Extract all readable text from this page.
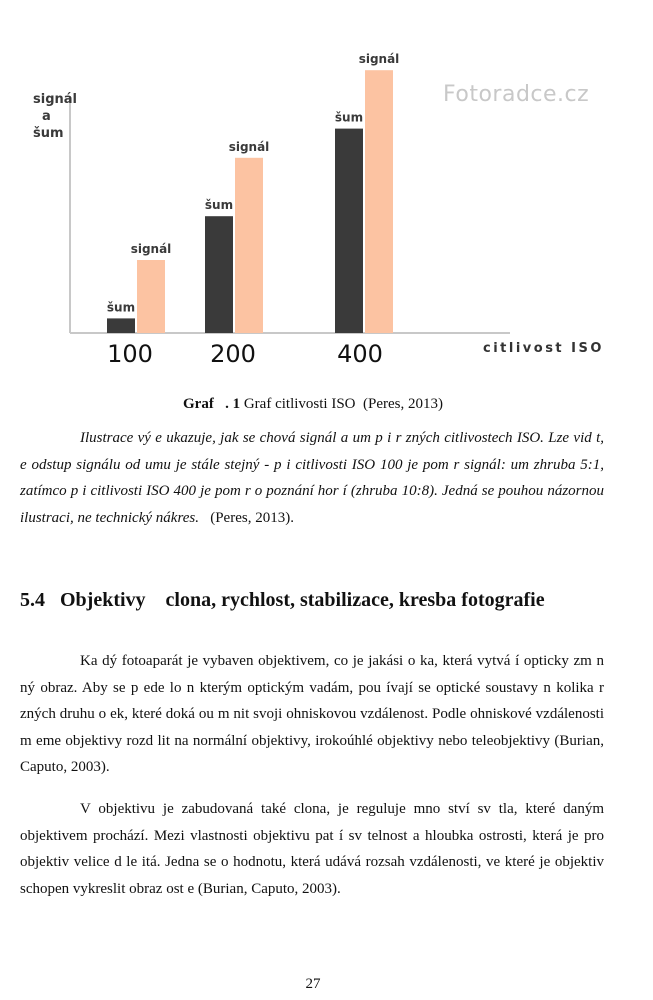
šum
signál
100
šum
signál
200
šum
signál
400
signál
a
šum
Fotoradce.cz
citlivost ISO
Graf   . 1 Graf citlivosti ISO  (Peres, 2013)
Ilustrace vý e ukazuje, jak se chová signál a um p i r zných citlivostech ISO. Lze vid t, e odstup signálu od umu je stále stejný - p i citlivosti ISO 100 je pom r signál: um zhruba 5:1, zatímco p i citlivosti ISO 400 je pom r o poznání hor í (zhruba 10:8). Jedná se pouhou názornou ilustraci, ne technický nákres.   (Peres, 2013).
5.4   Objektivy    clona, rychlost, stabilizace, kresba fotografie
Ka dý fotoaparát je vybaven objektivem, co je jakási o ka, která vytvá í opticky zm n ný obraz. Aby se p ede lo n kterým optickým vadám, pou ívají se optické soustavy n kolika r zných druhu o ek, které doká ou m nit svoji ohniskovou vzdálenost. Podle ohniskové vzdálenosti m eme objektivy rozd lit na normální objektivy, irokoúhlé objektivy nebo teleobjektivy (Burian, Caputo, 2003).
V objektivu je zabudovaná také clona, je reguluje mno ství sv tla, které daným objektivem prochází. Mezi vlastnosti objektivu pat í sv telnost a hloubka ostrosti, která je pro objektiv velice d le itá. Jedna se o hodnotu, která udává rozsah vzdálenosti, ve které je objektiv schopen vykreslit obraz ost e (Burian, Caputo, 2003).
27
